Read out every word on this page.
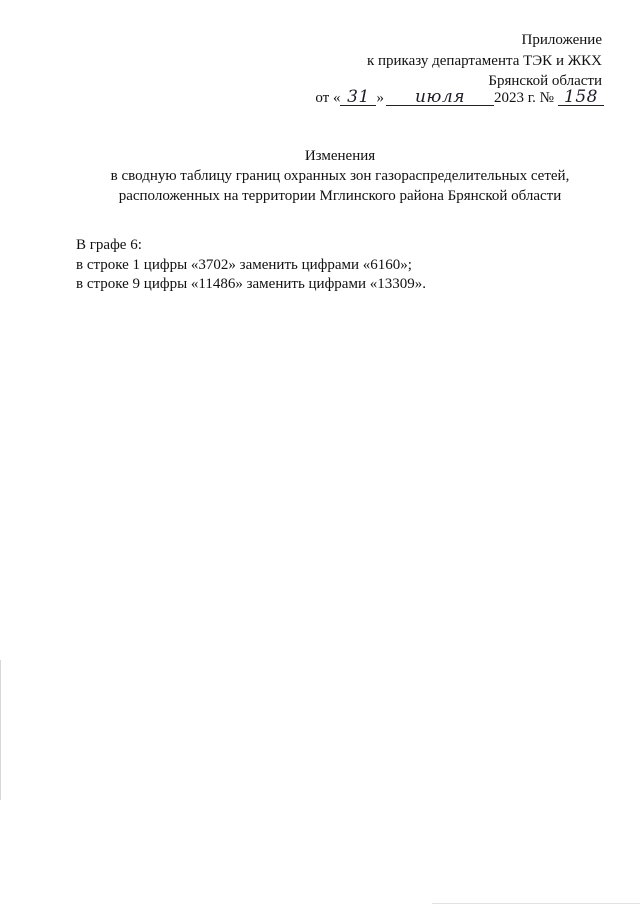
Приложение
к приказу департамента ТЭК и ЖКХ
Брянской области
от « 31 »	июля	2023 г. № 158
Изменения
в сводную таблицу границ охранных зон газораспределительных сетей,
расположенных на территории Мглинского района Брянской области
В графе 6:
в строке 1 цифры «3702» заменить цифрами «6160»;
в строке 9 цифры «11486» заменить цифрами «13309».
